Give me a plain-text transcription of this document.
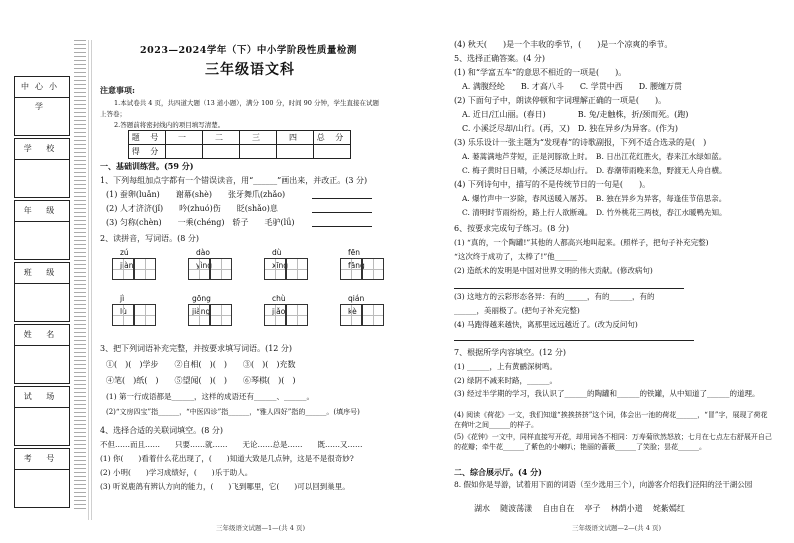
中心小学
学 校
年 级
班 级
姓 名
试 场
考 号
2023—2024学年（下）中小学阶段性质量检测
三年级语文科
注意事项:
1.本试卷共 4 页，共四道大题（13 道小题），满分 100 分，时间 90 分钟，学生直接在试题
上答卷；
2.答题前将密封线内的项目填写清楚。
题 号	一	二	三	四	总 分
得 分					
一、基础训练营。(59 分)
1、下列每组加点字都有一个错误读音，用“______”画出来，并改正。(3 分)
(1) 蚕卵(luǎn)　　谢幕(shè)　　张牙舞爪(zhǎo)
(2) 人才济济(jǐ)　　吟(zhuó)伤　　眨(shǎo)息
(3) 匀称(chèn)　　一乘(chéng)　轿子　　毛驴(lǘ)
2、读拼音，写词语。(8 分)
zú	dào	dù	fēn
jì	gōng	chù	qián
3、把下列词语补充完整，并按要求填写词语。(12 分)
①(　)(　)学步　　②自相(　)(　)　　③(　)(　)充数
④笔(　)纸(　)　　⑤望闻(　)(　)　　⑥琴棋(　)(　)
(1) 第一行成语都是______，这样的成语还有______、______。
(2)“文房四宝”指______，“中医四诊”指______，“雅人四好”指的______。(填序号)
4、选择合适的关联词填空。(8 分)
不但……而且……　　只要……就……　　无论……总是……　　既……又……
(1) 你(　　)看着什么花出现了，(　　)知道大致是几点钟，这是不是很奇妙?
(2) 小明(　　)学习成绩好，(　　)乐于助人。
(3) 听说鹿鸽有辨认方向的能力，(　　)飞到哪里，它(　　)可以回到巢里。
三年级语文试题—1—(共 4 页)
(4) 秋天(　　)是一个丰收的季节，(　　)是一个凉爽的季节。
5、选择正确答案。(4 分)
(1) 和“学富五车”的意思不相近的一项是(　　)。
A. 满腹经纶　　B. 才高八斗　　C. 学贯中西　　D. 腰缠万贯
(2) 下面句子中，朗读停顿和字词理解正确的一项是(　　)。
A. 近日/江山丽。(春日)　　　　B. 兔/走触株，折/颈而死。(跑)
C. 小溪泛尽却/山行。(再，又)　D. 独在异乡/为异客。(作为)
(3) 乐乐设计一张主题为“发现春”的诗歌副报，下列不适合选录的是(　)
A. 蒌蒿满地芦芽短，正是河豚欲上时。　B. 日出江花红胜火，春来江水绿如蓝。
C. 梅子黄时日日晴，小溪泛尽却山行。　D. 春潮带雨晚来急，野渡无人舟自横。
(4) 下列诗句中，描写的不是传统节日的一句是(　　)。
A. 爆竹声中一岁除，春风送暖入屠苏。　B. 独在异乡为异客，每逢佳节倍思亲。
C. 清明时节雨纷纷，路上行人欲断魂。　D. 竹外桃花三两枝，春江水暖鸭先知。
6、按要求完成句子练习。(8 分)
(1) “真的，一个陶罐!”其他的人都高兴地叫起来。(照样子，把句子补充完整)
“这次终于成功了，太棒了!”他______
(2) 造纸术的发明是中国对世界文明的伟大贡献。(修改病句)
(3) 这地方的云彩形态各异：有的______，有的______，有的
______，美丽极了。(把句子补充完整)
(4) 马跑得越来越快，离那里远远越近了。(改为反问句)
7、根据所学内容填空。(12 分)
(1) ______，上有黄鹂深树鸣。
(2) 绿阴不减来时路，______。
(3) 经过半学期的学习，我认识了______的陶罐和______的铁罐，从中知道了______的道理。
三年级语文试题—2—(共 4 页)
(4) 阅读《荷花》一文，我们知道“挨挨挤挤”这个词，体会出一池的荷花______，“冒”字，展现了荷花在荷叶之间______的样子。
(5)《花钟》一文中，同样直接写开花，却用词各不相同：万寿菊欣然怒放；七月在七点左右舒展开自己的花瓣；牵牛花______了紫色的小喇叭；艳丽的蔷薇______了笑脸；昙花______。
二、综合展示厅。(4 分)
8. 假如你是导游，试着用下面的词语（至少选用三个），向游客介绍我们泾阳的泾干湖公园
湖水 随波荡漾 自由自在 亭子 林荫小道 姹紫嫣红
